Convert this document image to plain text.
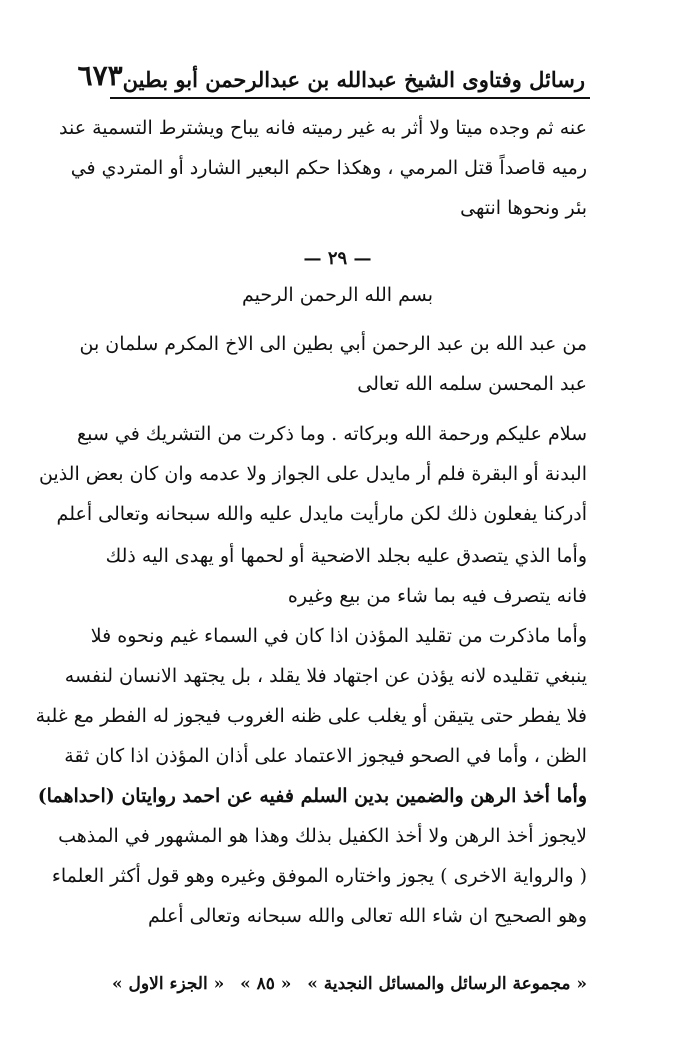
رسائل وفتاوى الشيخ عبدالله بن عبدالرحمن أبو بطين
٦٧٣
عنه ثم وجده ميتا ولا أثر به غير رميته فانه يباح ويشترط التسمية عند
رميه قاصداً قتل المرمي ، وهكذا حكم البعير الشارد أو المتردي في
بئر ونحوها انتهى
— ٢٩ —
بسم الله الرحمن الرحيم
من عبد الله بن عبد الرحمن أبي بطين الى الاخ المكرم سلمان بن
عبد المحسن سلمه الله تعالى
سلام عليكم ورحمة الله وبركاته . وما ذكرت من التشريك في سبع
البدنة أو البقرة فلم أر مايدل على الجواز ولا عدمه وان كان بعض الذين
أدركنا يفعلون ذلك لكن مارأيت مايدل عليه والله سبحانه وتعالى أعلم
وأما الذي يتصدق عليه بجلد الاضحية أو لحمها أو يهدى اليه ذلك
فانه يتصرف فيه بما شاء من بيع وغيره
وأما ماذكرت من تقليد المؤذن اذا كان في السماء غيم ونحوه فلا
ينبغي تقليده لانه يؤذن عن اجتهاد فلا يقلد ، بل يجتهد الانسان لنفسه
فلا يفطر حتى يتيقن أو يغلب على ظنه الغروب فيجوز له الفطر مع غلبة
الظن ، وأما في الصحو فيجوز الاعتماد على أذان المؤذن اذا كان ثقة
وأما أخذ الرهن والضمين بدين السلم ففيه عن احمد روايتان (احداهما)
لايجوز أخذ الرهن ولا أخذ الكفيل بذلك وهذا هو المشهور في المذهب
( والرواية الاخرى ) يجوز واختاره الموفق وغيره وهو قول أكثر العلماء
وهو الصحيح ان شاء الله تعالى والله سبحانه وتعالى أعلم
« مجموعة الرسائل والمسائل النجدية »
« ٨٥ »
« الجزء الاول »
